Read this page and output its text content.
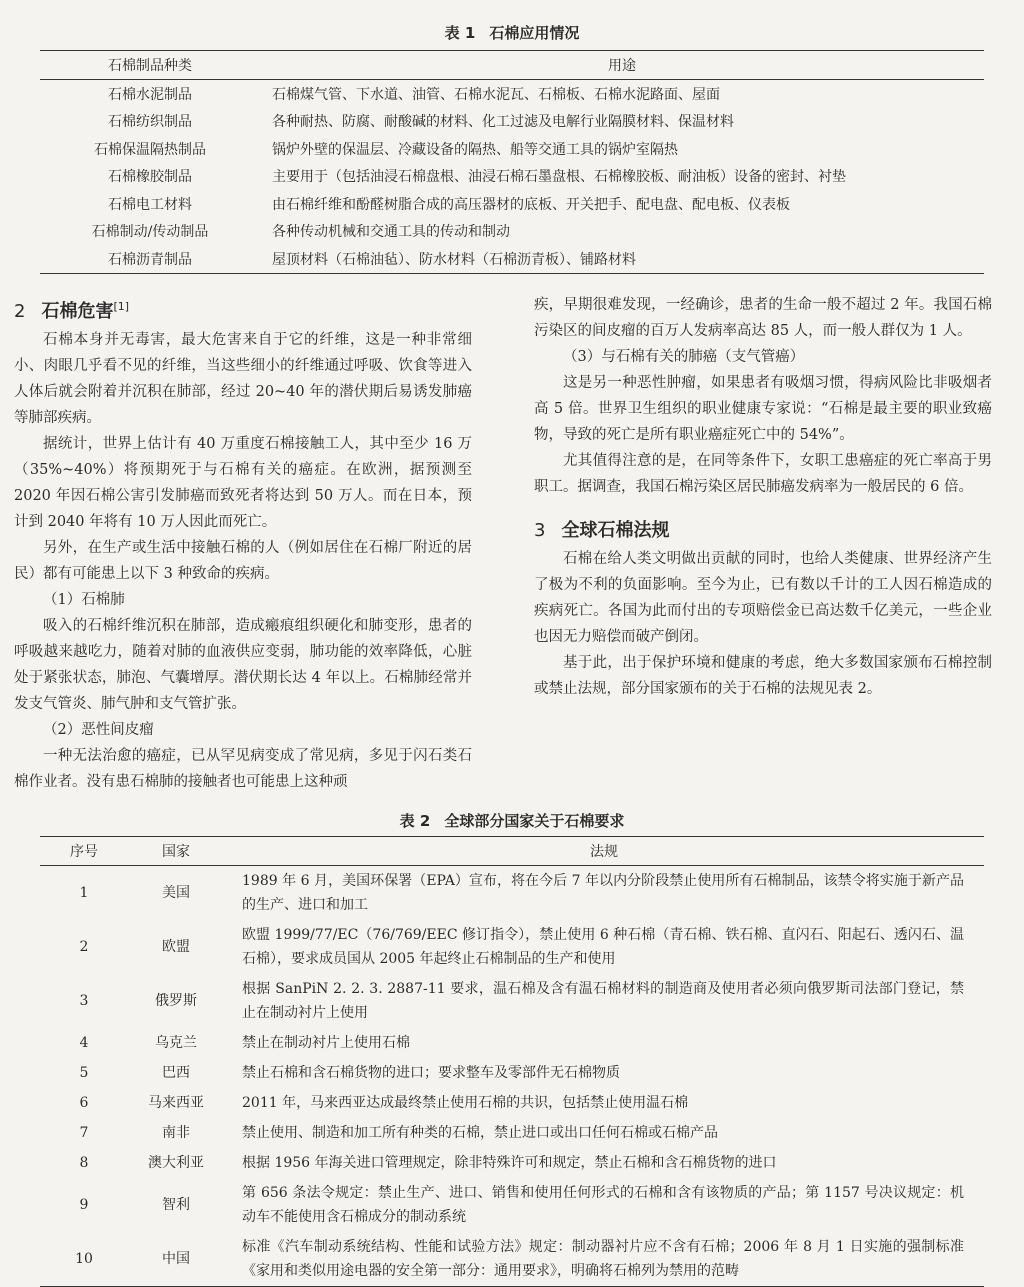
表 1 石棉应用情况
石棉制品种类	用途
石棉水泥制品	石棉煤气管、下水道、油管、石棉水泥瓦、石棉板、石棉水泥路面、屋面
石棉纺织制品	各种耐热、防腐、耐酸碱的材料、化工过滤及电解行业隔膜材料、保温材料
石棉保温隔热制品	锅炉外壁的保温层、冷藏设备的隔热、船等交通工具的锅炉室隔热
石棉橡胶制品	主要用于（包括油浸石棉盘根、油浸石棉石墨盘根、石棉橡胶板、耐油板）设备的密封、衬垫
石棉电工材料	由石棉纤维和酚醛树脂合成的高压器材的底板、开关把手、配电盘、配电板、仪表板
石棉制动/传动制品	各种传动机械和交通工具的传动和制动
石棉沥青制品	屋顶材料（石棉油毡）、防水材料（石棉沥青板）、铺路材料
2 石棉危害[1]

石棉本身并无毒害，最大危害来自于它的纤维，这是一种非常细小、肉眼几乎看不见的纤维，当这些细小的纤维通过呼吸、饮食等进入人体后就会附着并沉积在肺部，经过 20~40 年的潜伏期后易诱发肺癌等肺部疾病。

据统计，世界上估计有 40 万重度石棉接触工人，其中至少 16 万（35%~40%）将预期死于与石棉有关的癌症。在欧洲，据预测至 2020 年因石棉公害引发肺癌而致死者将达到 50 万人。而在日本，预计到 2040 年将有 10 万人因此而死亡。

另外，在生产或生活中接触石棉的人（例如居住在石棉厂附近的居民）都有可能患上以下 3 种致命的疾病。

（1）石棉肺

吸入的石棉纤维沉积在肺部，造成瘢痕组织硬化和肺变形，患者的呼吸越来越吃力，随着对肺的血液供应变弱，肺功能的效率降低，心脏处于紧张状态，肺泡、气囊增厚。潜伏期长达 4 年以上。石棉肺经常并发支气管炎、肺气肿和支气管扩张。

（2）恶性间皮瘤

一种无法治愈的癌症，已从罕见病变成了常见病，多见于闪石类石棉作业者。没有患石棉肺的接触者也可能患上这种顽

疾，早期很难发现，一经确诊，患者的生命一般不超过 2 年。我国石棉污染区的间皮瘤的百万人发病率高达 85 人，而一般人群仅为 1 人。

（3）与石棉有关的肺癌（支气管癌）

这是另一种恶性肿瘤，如果患者有吸烟习惯，得病风险比非吸烟者高 5 倍。世界卫生组织的职业健康专家说：“石棉是最主要的职业致癌物，导致的死亡是所有职业癌症死亡中的 54%”。

尤其值得注意的是，在同等条件下，女职工患癌症的死亡率高于男职工。据调查，我国石棉污染区居民肺癌发病率为一般居民的 6 倍。

3 全球石棉法规

石棉在给人类文明做出贡献的同时，也给人类健康、世界经济产生了极为不利的负面影响。至今为止，已有数以千计的工人因石棉造成的疾病死亡。各国为此而付出的专项赔偿金已高达数千亿美元，一些企业也因无力赔偿而破产倒闭。

基于此，出于保护环境和健康的考虑，绝大多数国家颁布石棉控制或禁止法规，部分国家颁布的关于石棉的法规见表 2。

表 2 全球部分国家关于石棉要求
序号	国家	法规
1	美国	1989 年 6 月，美国环保署（EPA）宣布，将在今后 7 年以内分阶段禁止使用所有石棉制品，该禁令将实施于新产品的生产、进口和加工
2	欧盟	欧盟 1999/77/EC（76/769/EEC 修订指令），禁止使用 6 种石棉（青石棉、铁石棉、直闪石、阳起石、透闪石、温石棉），要求成员国从 2005 年起终止石棉制品的生产和使用
3	俄罗斯	根据 SanPiN 2. 2. 3. 2887-11 要求，温石棉及含有温石棉材料的制造商及使用者必须向俄罗斯司法部门登记，禁止在制动衬片上使用
4	乌克兰	禁止在制动衬片上使用石棉
5	巴西	禁止石棉和含石棉货物的进口；要求整车及零部件无石棉物质
6	马来西亚	2011 年，马来西亚达成最终禁止使用石棉的共识，包括禁止使用温石棉
7	南非	禁止使用、制造和加工所有种类的石棉，禁止进口或出口任何石棉或石棉产品
8	澳大利亚	根据 1956 年海关进口管理规定，除非特殊许可和规定，禁止石棉和含石棉货物的进口
9	智利	第 656 条法令规定：禁止生产、进口、销售和使用任何形式的石棉和含有该物质的产品；第 1157 号决议规定：机动车不能使用含石棉成分的制动系统
10	中国	标准《汽车制动系统结构、性能和试验方法》规定：制动器衬片应不含有石棉；2006 年 8 月 1 日实施的强制标准《家用和类似用途电器的安全第一部分：通用要求》，明确将石棉列为禁用的范畴
